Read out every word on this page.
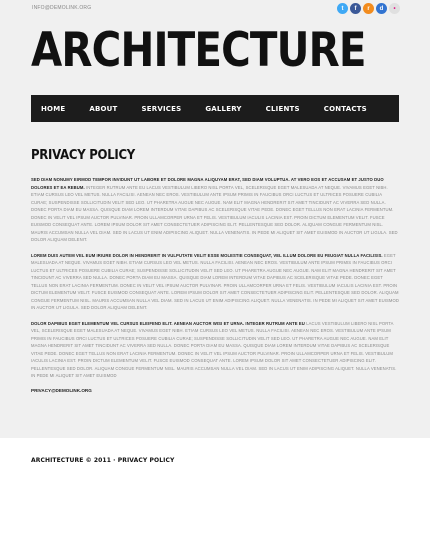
INFO@DEMOLINK.ORG	t	f	r	d	•
ARCHITECTURE
HOME	ABOUT	SERVICES	GALLERY	CLIENTS	CONTACTS
PRIVACY POLICY

SED DIAM NONUMY EIRMOD TEMPOR INVIDUNT UT LABORE ET DOLORE MAGNA ALIQUYAM ERAT, SED DIAM VOLUPTUA. AT VERO EOS ET ACCUSAM ET JUSTO DUO DOLORES ET EA REBUM. INTEGER RUTRUM ANTE EU LACUS VESTIBULUM LIBERO NISL PORTA VEL, SCELERISQUE EGET MALESUADA AT NEQUE. VIVAMUS EGET NIBH. ETIAM CURSUS LEO VEL METUS. NULLA FACILISI. AENEAN NEC EROS. VESTIBULUM ANTE IPSUM PRIMIS IN FAUCIBUS ORCI LUCTUS ET ULTRICES POSUERE CUBILIA CURAE; SUSPENDISSE SOLLICITUDIN VELIT SED LEO. UT PHARETRA AUGUE NEC AUGUE. NAM ELIT MAGNA HENDRERIT SIT AMET TINCIDUNT AC VIVERRA SED NULLA. DONEC PORTA DIAM EU MASSA. QUISQUE DIAM LOREM INTERDUM VITAE DAPIBUS AC SCELERISQUE VITAE PEDE. DONEC EGET TELLUS NON ERAT LACINIA FERMENTUM. DONEC IN VELIT VEL IPSUM AUCTOR PULVINAR. PROIN ULLAMCORPER URNA ET FELIS. VESTIBULUM IACULIS LACINIA EST. PROIN DICTUM ELEMENTUM VELIT. FUSCE EUISMOD CONSEQUAT ANTE. LOREM IPSUM DOLOR SIT AMET CONSECTETUER ADIPISCING ELIT. PELLENTESQUE SED DOLOR. ALIQUAM CONGUE FERMENTUM NISL. MAURIS ACCUMSAN NULLA VEL DIAM. SED IN LACUS UT ENIM ADIPISCING ALIQUET. NULLA VENENATIS. IN PEDE MI ALIQUET SIT AMET EUISMOD IN AUCTOR UT LIGULA. SED DOLOR ALIQUAM DELENIT.

LOREM DUIS AUTEM VEL EUM IRIURE DOLOR IN HENDRERIT IN VULPUTATE VELIT ESSE MOLESTIE CONSEQUAT, VEL ILLUM DOLORE EU FEUGIAT NULLA FACILISIS. EGET MALESUADA AT NEQUE. VIVAMUS EGET NIBH. ETIAM CURSUS LEO VEL METUS. NULLA FACILISI. AENEAN NEC EROS. VESTIBULUM ANTE IPSUM PRIMIS IN FAUCIBUS ORCI LUCTUS ET ULTRICES POSUERE CUBILIA CURAE; SUSPENDISSE SOLLICITUDIN VELIT SED LEO. UT PHARETRA AUGUE NEC AUGUE. NAM ELIT MAGNA HENDRERIT SIT AMET TINCIDUNT AC VIVERRA SED NULLA. DONEC PORTA DIAM EU MASSA. QUISQUE DIAM LOREM INTERDUM VITAE DAPIBUS AC SCELERISQUE VITAE PEDE. DONEC EGET TELLUS NON ERAT LACINIA FERMENTUM. DONEC IN VELIT VEL IPSUM AUCTOR PULVINAR. PROIN ULLAMCORPER URNA ET FELIS. VESTIBULUM IACULIS LACINIA EST. PROIN DICTUM ELEMENTUM VELIT. FUSCE EUISMOD CONSEQUAT ANTE. LOREM IPSUM DOLOR SIT AMET CONSECTETUER ADIPISCING ELIT. PELLENTESQUE SED DOLOR. ALIQUAM CONGUE FERMENTUM NISL. MAURIS ACCUMSAN NULLA VEL DIAM. SED IN LACUS UT ENIM ADIPISCING ALIQUET. NULLA VENENATIS. IN PEDE MI ALIQUET SIT AMET EUISMOD IN AUCTOR UT LIGULA. SED DOLOR ALIQUAM DELENIT.

DOLOR DAPIBUS EGET ELEMENTUM VEL CURSUS ELEIFEND ELIT. AENEAN AUCTOR WISI ET URNA. INTEGER RUTRUM ANTE EU LACUS VESTIBULUM LIBERO NISL PORTA VEL, SCELERISQUE EGET MALESUADA AT NEQUE. VIVAMUS EGET NIBH. ETIAM CURSUS LEO VEL METUS. NULLA FACILISI. AENEAN NEC EROS. VESTIBULUM ANTE IPSUM PRIMIS IN FAUCIBUS ORCI LUCTUS ET ULTRICES POSUERE CUBILIA CURAE; SUSPENDISSE SOLLICITUDIN VELIT SED LEO. UT PHARETRA AUGUE NEC AUGUE. NAM ELIT MAGNA HENDRERIT SIT AMET TINCIDUNT AC VIVERRA SED NULLA. DONEC PORTA DIAM EU MASSA. QUISQUE DIAM LOREM INTERDUM VITAE DAPIBUS AC SCELERISQUE VITAE PEDE. DONEC EGET TELLUS NON ERAT LACINIA FERMENTUM. DONEC IN VELIT VEL IPSUM AUCTOR PULVINAR. PROIN ULLAMCORPER URNA ET FELIS. VESTIBULUM IACULIS LACINIA EST. PROIN DICTUM ELEMENTUM VELIT. FUSCE EUISMOD CONSEQUAT ANTE. LOREM IPSUM DOLOR SIT AMET CONSECTETUER ADIPISCING ELIT. PELLENTESQUE SED DOLOR. ALIQUAM CONGUE FERMENTUM NISL. MAURIS ACCUMSAN NULLA VEL DIAM. SED IN LACUS UT ENIM ADIPISCING ALIQUET. NULLA VENENATIS. IN PEDE MI ALIQUET SIT AMET EUISMOD

PRIVACY@DEMOLINK.ORG
ARCHITECTURE © 2011 · PRIVACY POLICY
